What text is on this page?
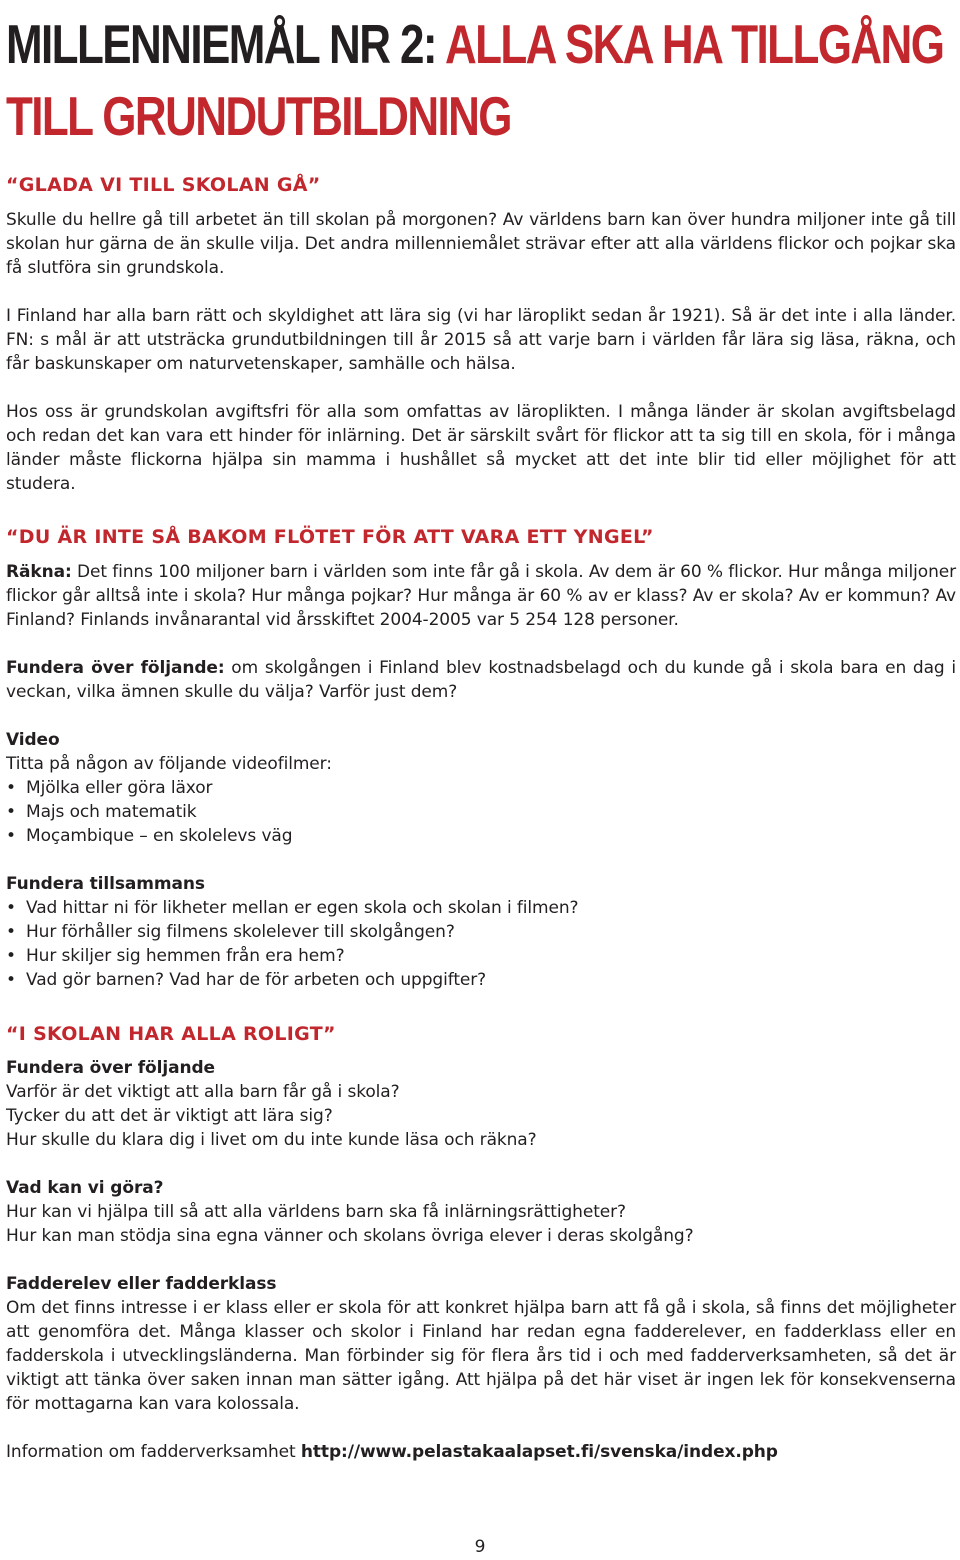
MILLENNIEMÅL NR 2: ALLA SKA HA TILLGÅNG TILL GRUNDUTBILDNING
“GLADA VI TILL SKOLAN GÅ”

Skulle du hellre gå till arbetet än till skolan på morgonen? Av världens barn kan över hundra miljoner inte gå till skolan hur gärna de än skulle vilja. Det andra millenniemålet strävar efter att alla världens flickor och pojkar ska få slutföra sin grundskola.

I Finland har alla barn rätt och skyldighet att lära sig (vi har läroplikt sedan år 1921). Så är det inte i alla länder. FN: s mål är att utsträcka grundutbildningen till år 2015 så att varje barn i världen får lära sig läsa, räkna, och får baskunskaper om naturvetenskaper, samhälle och hälsa.

Hos oss är grundskolan avgiftsfri för alla som omfattas av läroplikten. I många länder är skolan avgiftsbelagd och redan det kan vara ett hinder för inlärning. Det är särskilt svårt för flickor att ta sig till en skola, för i många länder måste flickorna hjälpa sin mamma i hushållet så mycket att det inte blir tid eller möjlighet för att studera.

“DU ÄR INTE SÅ BAKOM FLÖTET FÖR ATT VARA ETT YNGEL”

Räkna: Det finns 100 miljoner barn i världen som inte får gå i skola. Av dem är 60 % flickor. Hur många miljoner flickor går alltså inte i skola? Hur många pojkar? Hur många är 60 % av er klass? Av er skola? Av er kommun? Av Finland? Finlands invånarantal vid årsskiftet 2004-2005 var 5 254 128 personer.

Fundera över följande: om skolgången i Finland blev kostnadsbelagd och du kunde gå i skola bara en dag i veckan, vilka ämnen skulle du välja? Varför just dem?

Video

Titta på någon av följande videofilmer:

• Mjölka eller göra läxor
• Majs och matematik
• Moçambique – en skolelevs väg

Fundera tillsammans

• Vad hittar ni för likheter mellan er egen skola och skolan i filmen?
• Hur förhåller sig filmens skolelever till skolgången?
• Hur skiljer sig hemmen från era hem?
• Vad gör barnen? Vad har de för arbeten och uppgifter?
“I SKOLAN HAR ALLA ROLIGT”

Fundera över följande

Varför är det viktigt att alla barn får gå i skola?

Tycker du att det är viktigt att lära sig?

Hur skulle du klara dig i livet om du inte kunde läsa och räkna?

Vad kan vi göra?

Hur kan vi hjälpa till så att alla världens barn ska få inlärningsrättigheter?

Hur kan man stödja sina egna vänner och skolans övriga elever i deras skolgång?

Fadderelev eller fadderklass

Om det finns intresse i er klass eller er skola för att konkret hjälpa barn att få gå i skola, så finns det möjligheter att genomföra det. Många klasser och skolor i Finland har redan egna fadderelever, en fadderklass eller en fadderskola i utvecklingsländerna. Man förbinder sig för flera års tid i och med fadderverksamheten, så det är viktigt att tänka över saken innan man sätter igång. Att hjälpa på det här viset är ingen lek för konsekvenserna för mottagarna kan vara kolossala.

Information om fadderverksamhet http://www.pelastakaalapset.fi/svenska/index.php

9
